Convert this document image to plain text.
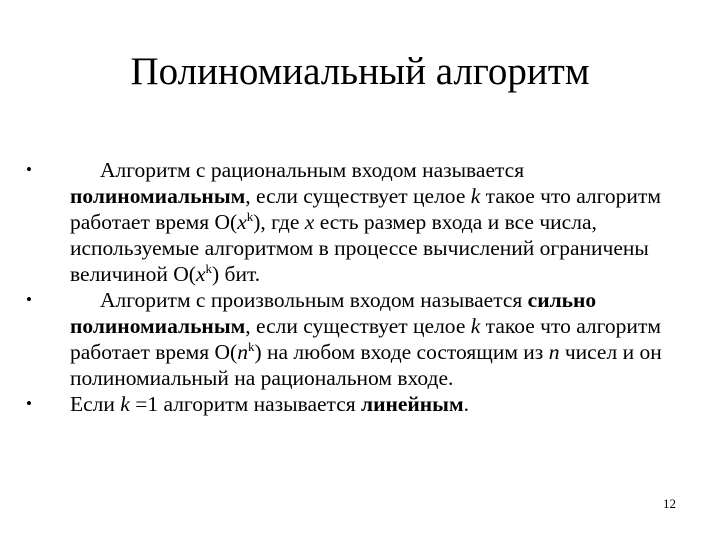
Полиномиальный алгоритм
•	Алгоритм с рациональным входом называется полиномиальным, если существует целое k такое что алгоритм работает время $O(x^k)$, где x есть размер входа и все числа, используемые алгоритмом в процессе вычислений ограничены величиной $O(x^k)$ бит.
•	Алгоритм с произвольным входом называется сильно полиномиальным, если существует целое k такое что алгоритм работает время $O(n^k)$ на любом входе состоящим из n чисел и он полиномиальный на рациональном входе.
•	Если k =1 алгоритм называется линейным.
12
